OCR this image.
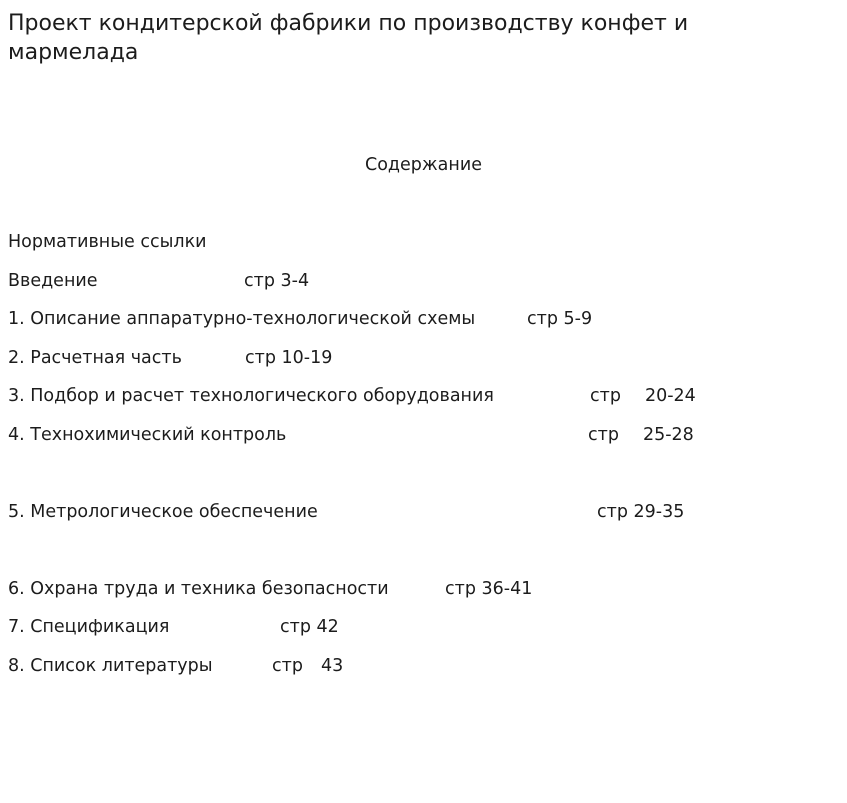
Проект кондитерской фабрики по производству конфет и мармелада
Содержание
Нормативные ссылки
Введение	стр 3-4
1. Описание аппаратурно-технологической схемы	стр 5-9
2. Расчетная часть	стр 10-19
3. Подбор и расчет технологического оборудования	стр 20-24
4. Технохимический контроль	стр 25-28
5. Метрологическое обеспечение	стр 29-35
6. Охрана труда и техника безопасности	стр 36-41
7. Спецификация	стр 42
8. Список литературы	стр 43
